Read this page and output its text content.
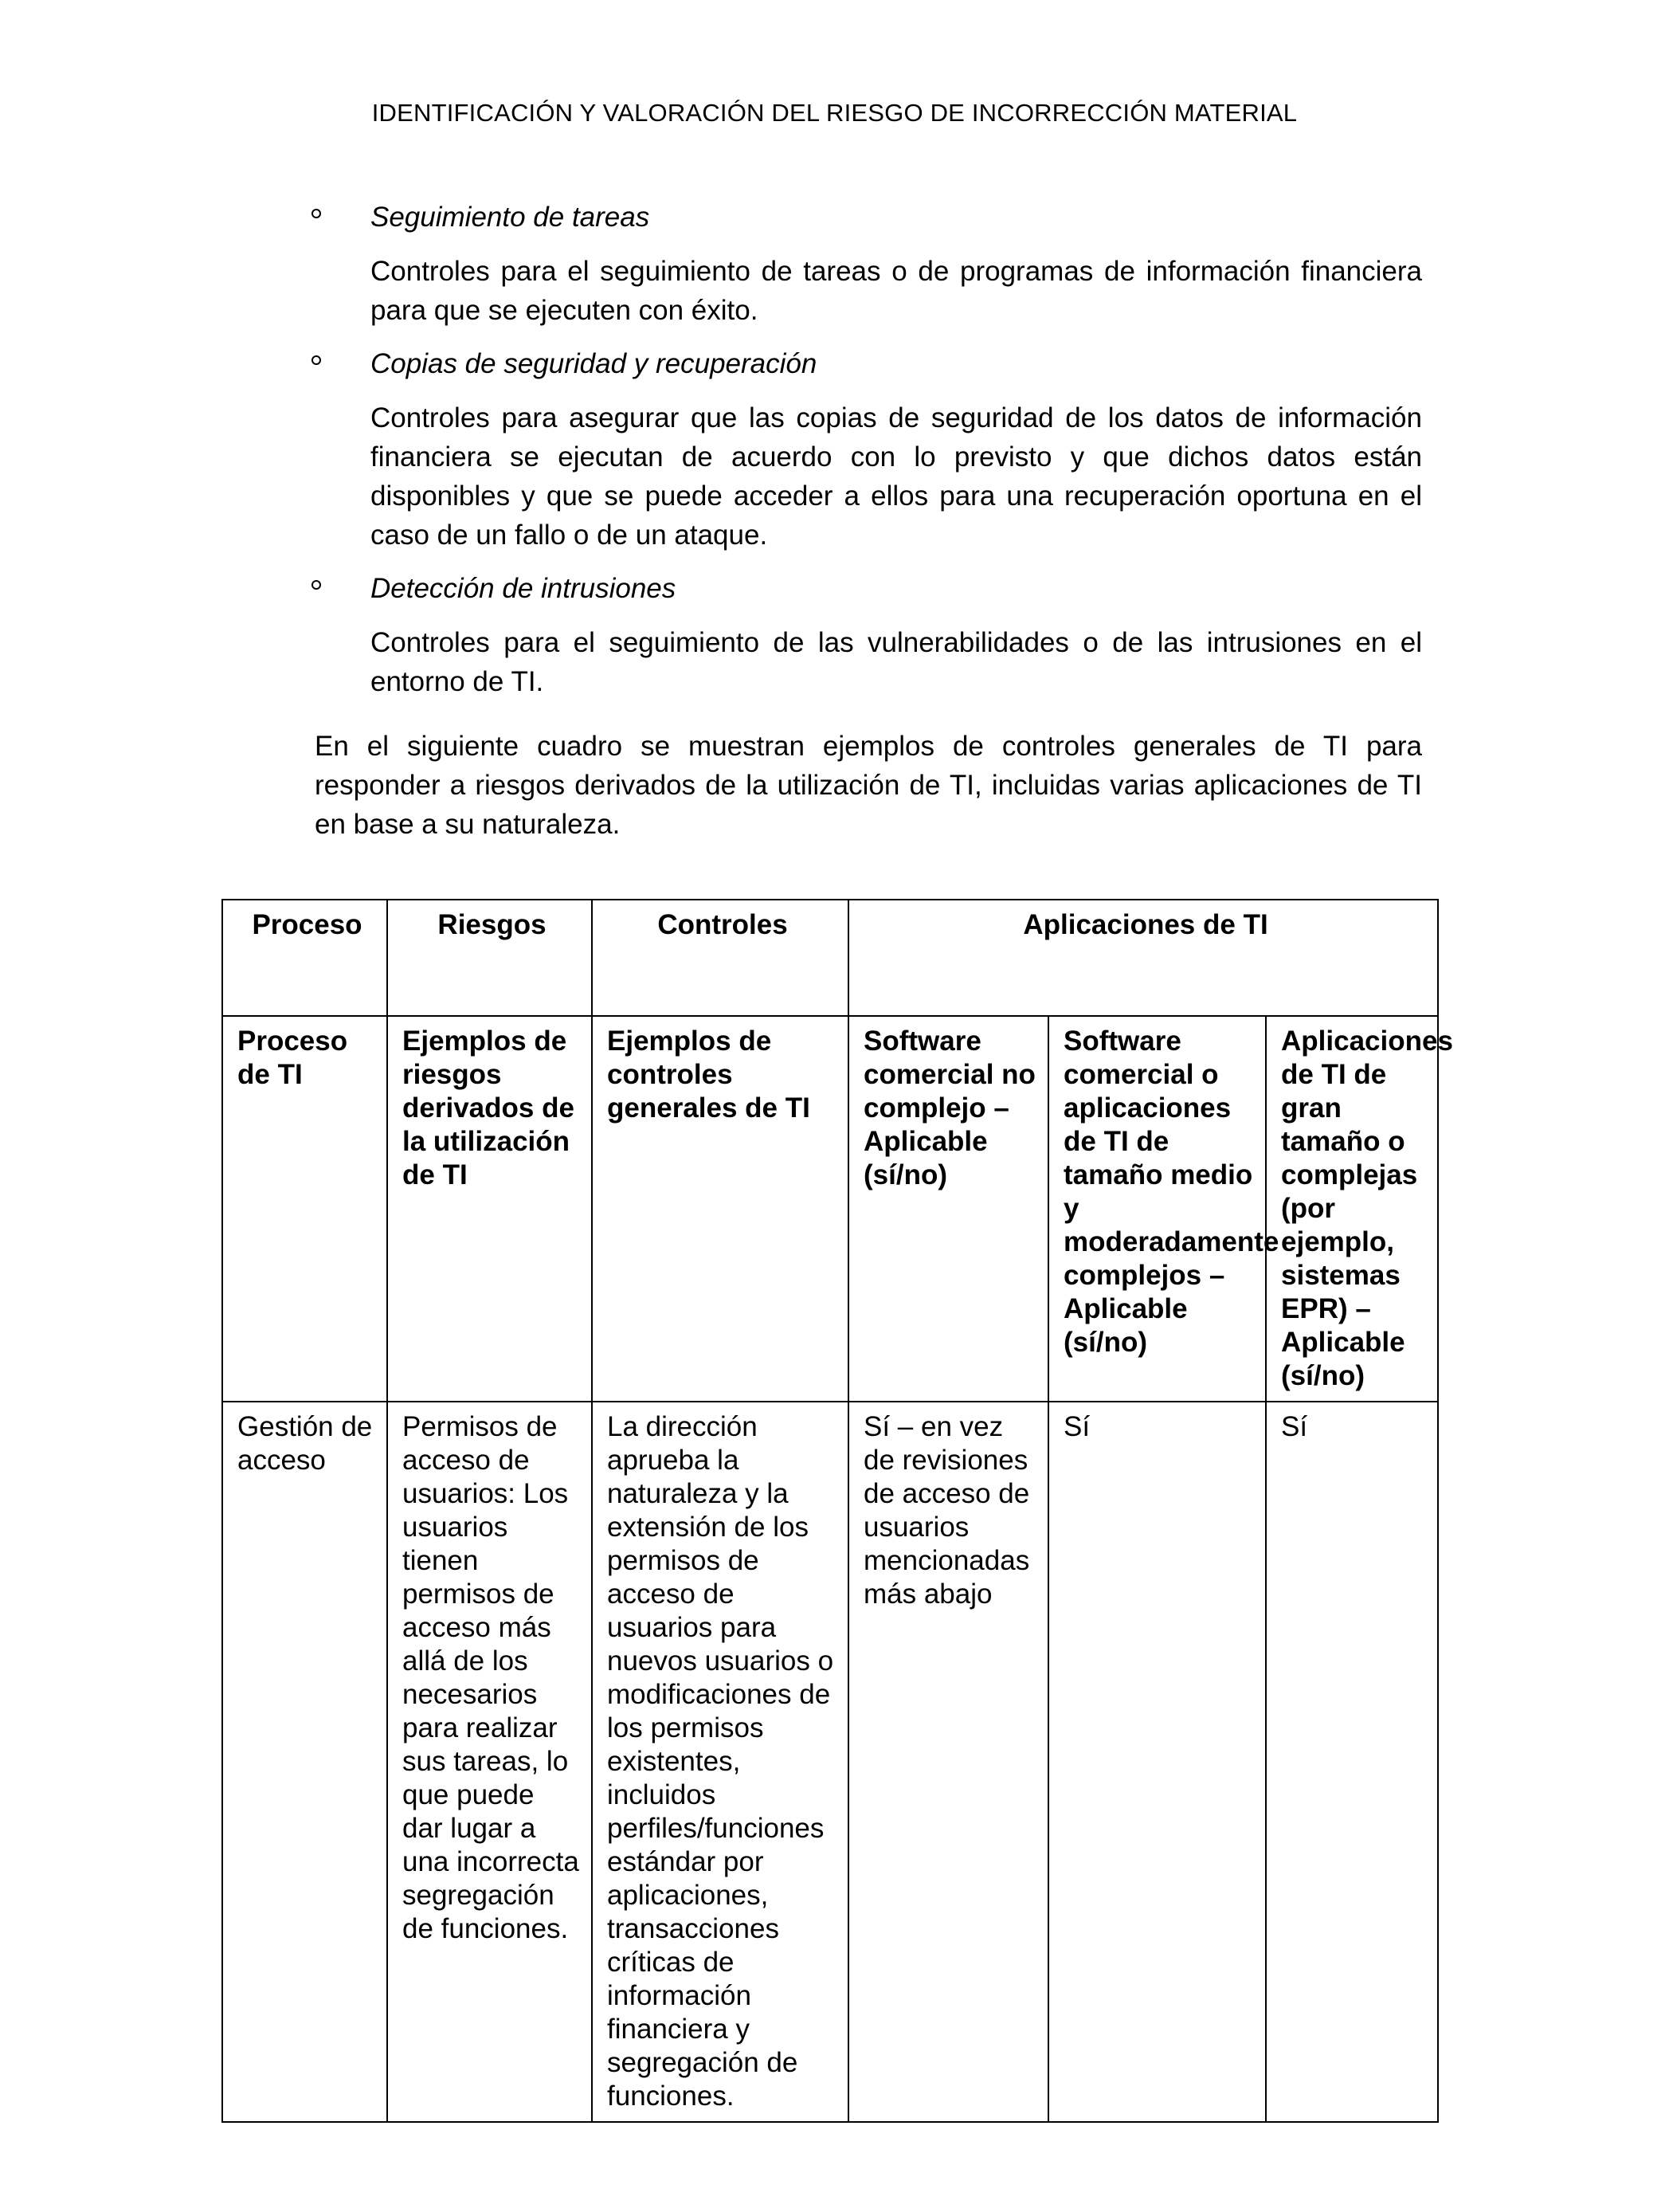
IDENTIFICACIÓN Y VALORACIÓN DEL RIESGO DE INCORRECCIÓN MATERIAL

Seguimiento de tareas

Controles para el seguimiento de tareas o de programas de información financiera para que se ejecuten con éxito.

Copias de seguridad y recuperación

Controles para asegurar que las copias de seguridad de los datos de información financiera se ejecutan de acuerdo con lo previsto y que dichos datos están disponibles y que se puede acceder a ellos para una recuperación oportuna en el caso de un fallo o de un ataque.

Detección de intrusiones

Controles para el seguimiento de las vulnerabilidades o de las intrusiones en el entorno de TI.

En el siguiente cuadro se muestran ejemplos de controles generales de TI para responder a riesgos derivados de la utilización de TI, incluidas varias aplicaciones de TI en base a su naturaleza.

Proceso	Riesgos	Controles	Aplicaciones de TI		
Proceso de TI	Ejemplos de riesgos derivados de la utilización de TI	Ejemplos de controles generales de TI	Software comercial no complejo – Aplicable (sí/no)	Software comercial o aplicaciones de TI de tamaño medio y moderadamente complejos – Aplicable (sí/no)	Aplicaciones de TI de gran tamaño o complejas (por ejemplo, sistemas EPR) – Aplicable (sí/no)
Gestión de acceso	Permisos de acceso de usuarios: Los usuarios tienen permisos de acceso más allá de los necesarios para realizar sus tareas, lo que puede dar lugar a una incorrecta segregación de funciones.	La dirección aprueba la naturaleza y la extensión de los permisos de acceso de usuarios para nuevos usuarios o modificaciones de los permisos existentes, incluidos perfiles/funciones estándar por aplicaciones, transacciones críticas de información financiera y segregación de funciones.	Sí – en vez de revisiones de acceso de usuarios mencionadas más abajo	Sí	Sí
